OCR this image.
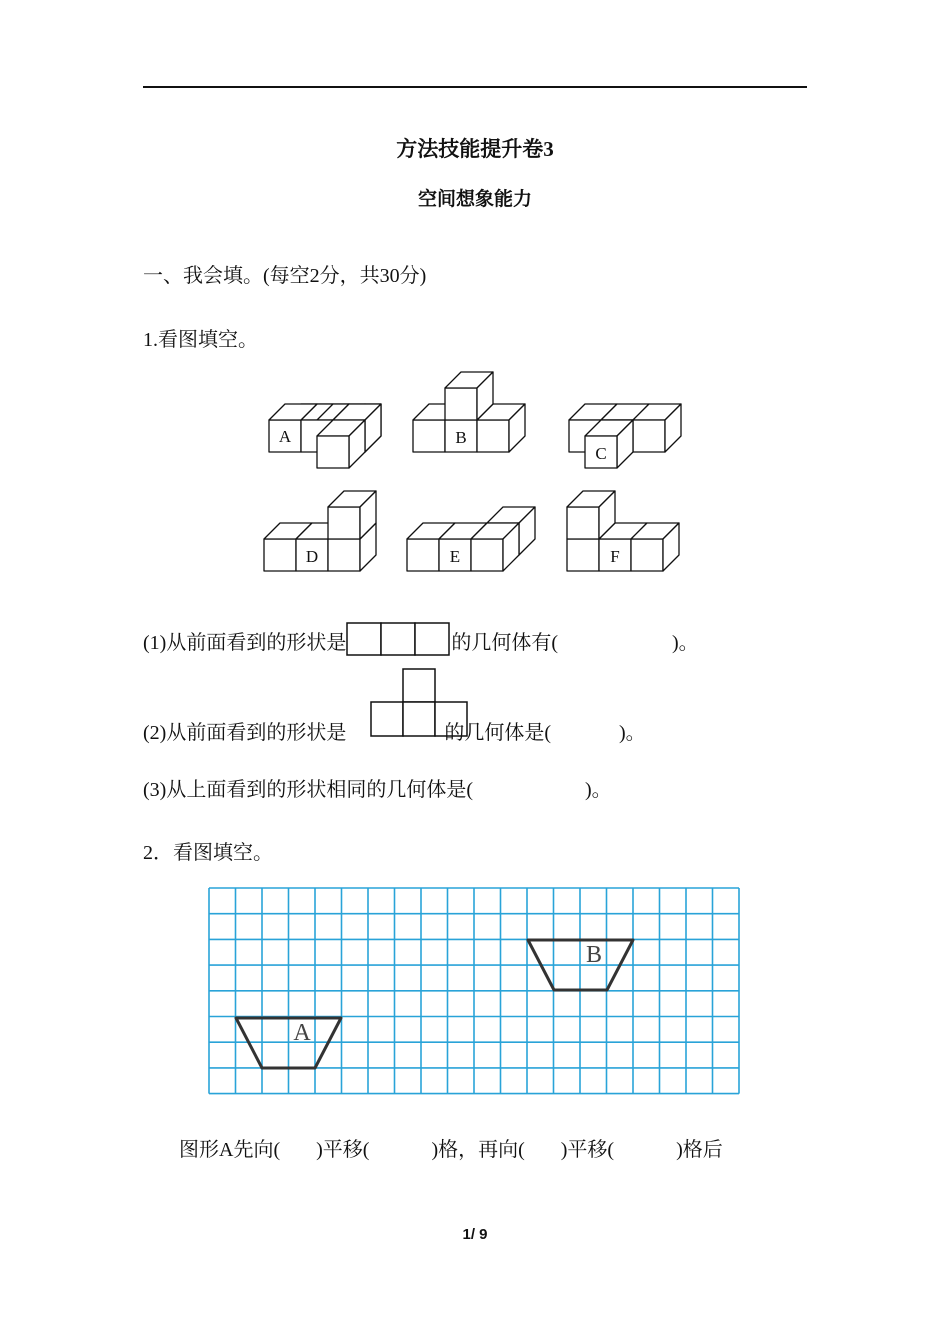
方法技能提升卷3
空间想象能力
一、我会填。(每空2分，共30分)
1.看图填空。
A	B
C
D	E	F
(1)从前面看到的形状是	的几何体有(	)。
(2)从前面看到的形状是	的几何体是(	)。
(3)从上面看到的形状相同的几何体是(	)。
2．看图填空。
A
B
图形A先向( )平移(	)格，再向( )平移(	)格后
1/ 9
